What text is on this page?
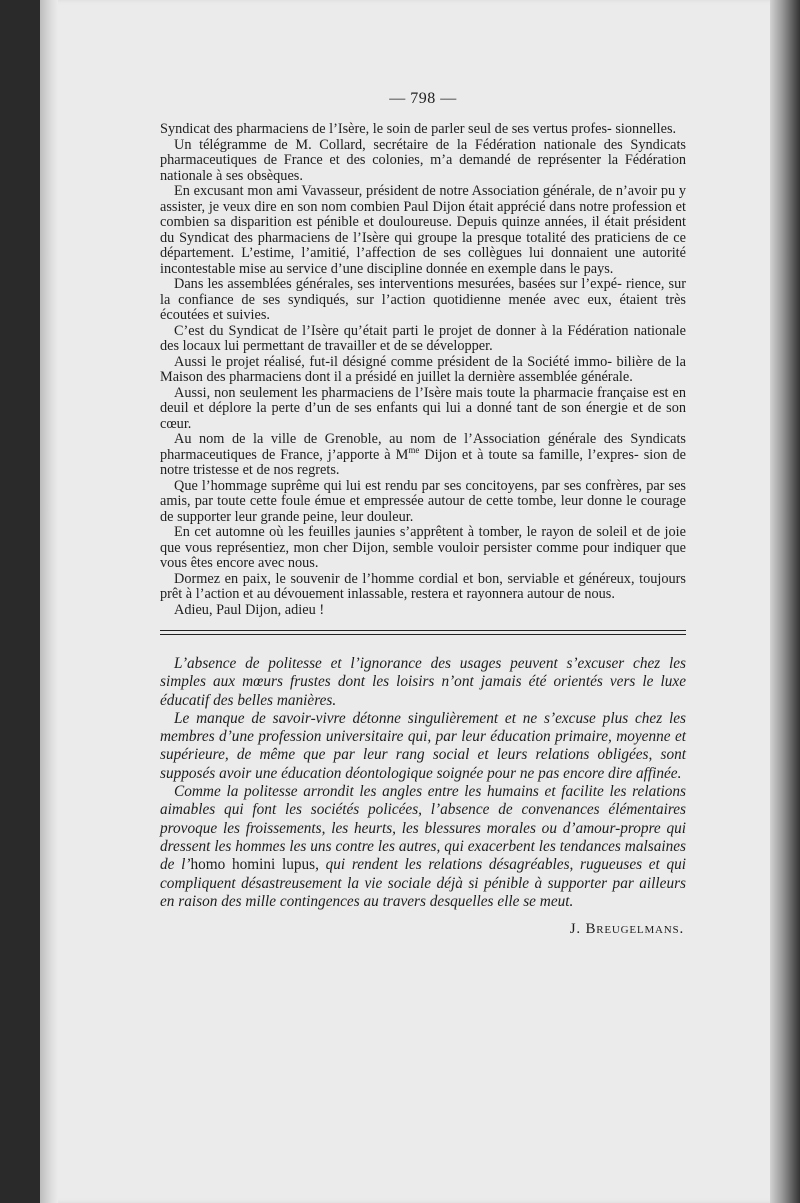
— 798 —

Syndicat des pharmaciens de l’Isère, le soin de parler seul de ses vertus profes- sionnelles.

Un télégramme de M. Collard, secrétaire de la Fédération nationale des Syndicats pharmaceutiques de France et des colonies, m’a demandé de représenter la Fédération nationale à ses obsèques.

En excusant mon ami Vavasseur, président de notre Association générale, de n’avoir pu y assister, je veux dire en son nom combien Paul Dijon était apprécié dans notre profession et combien sa disparition est pénible et douloureuse. Depuis quinze années, il était président du Syndicat des pharmaciens de l’Isère qui groupe la presque totalité des praticiens de ce département. L’estime, l’amitié, l’affection de ses collègues lui donnaient une autorité incontestable mise au service d’une discipline donnée en exemple dans le pays.

Dans les assemblées générales, ses interventions mesurées, basées sur l’expé- rience, sur la confiance de ses syndiqués, sur l’action quotidienne menée avec eux, étaient très écoutées et suivies.

C’est du Syndicat de l’Isère qu’était parti le projet de donner à la Fédération nationale des locaux lui permettant de travailler et de se développer.

Aussi le projet réalisé, fut-il désigné comme président de la Société immo- bilière de la Maison des pharmaciens dont il a présidé en juillet la dernière assemblée générale.

Aussi, non seulement les pharmaciens de l’Isère mais toute la pharmacie française est en deuil et déplore la perte d’un de ses enfants qui lui a donné tant de son énergie et de son cœur.

Au nom de la ville de Grenoble, au nom de l’Association générale des Syndicats pharmaceutiques de France, j’apporte à $M^{me}$ Dijon et à toute sa famille, l’expres- sion de notre tristesse et de nos regrets.

Que l’hommage suprême qui lui est rendu par ses concitoyens, par ses confrères, par ses amis, par toute cette foule émue et empressée autour de cette tombe, leur donne le courage de supporter leur grande peine, leur douleur.

En cet automne où les feuilles jaunies s’apprêtent à tomber, le rayon de soleil et de joie que vous représentiez, mon cher Dijon, semble vouloir persister comme pour indiquer que vous êtes encore avec nous.

Dormez en paix, le souvenir de l’homme cordial et bon, serviable et généreux, toujours prêt à l’action et au dévouement inlassable, restera et rayonnera autour de nous.

Adieu, Paul Dijon, adieu !

L’absence de politesse et l’ignorance des usages peuvent s’excuser chez les simples aux mœurs frustes dont les loisirs n’ont jamais été orientés vers le luxe éducatif des belles manières.

Le manque de savoir-vivre détonne singulièrement et ne s’excuse plus chez les membres d’une profession universitaire qui, par leur éducation primaire, moyenne et supérieure, de même que par leur rang social et leurs relations obligées, sont supposés avoir une éducation déontologique soignée pour ne pas encore dire affinée.

Comme la politesse arrondit les angles entre les humains et facilite les relations aimables qui font les sociétés policées, l’absence de convenances élémentaires provoque les froissements, les heurts, les blessures morales ou d’amour-propre qui dressent les hommes les uns contre les autres, qui exacerbent les tendances malsaines de l’homo homini lupus, qui rendent les relations désagréables, rugueuses et qui compliquent désastreusement la vie sociale déjà si pénible à supporter par ailleurs en raison des mille contingences au travers desquelles elle se meut.

J. Breugelmans.
